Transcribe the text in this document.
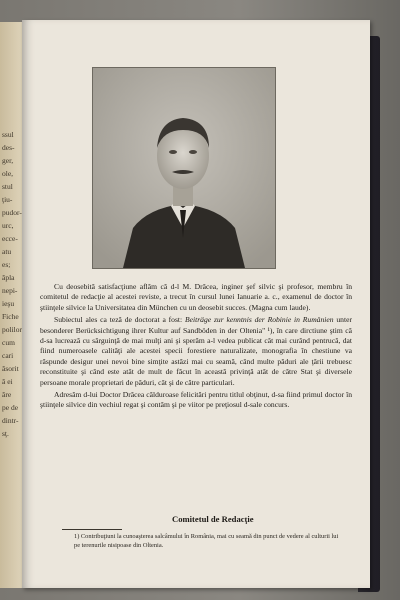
ssul
des-
ger,
ole,
stul
ţiu-
pudor-
urc,
ecce-
atu
es;
ăpla
nepi-
ieşu
Fiche
polilor
cum
cari
ăsorit
ă ei
ăre
pe de
dintr-
sţ.

Cu deosebită satisfacţiune aflăm că d-l M. Drăcea, inginer şef silvic şi profesor, membru în comitetul de redacţie al acestei reviste, a trecut în cursul lunei Ianuarie a. c., examenul de doctor în ştiinţele silvice la Universitatea din München cu un deosebit succes. (Magna cum laude).

Subiectul ales ca teză de doctorat a fost: Beiträge zur kenntnis der Robinie in Rumänien unter besonderer Berücksichtigung ihrer Kultur auf Sandböden in der Oltenia" ¹), în care dirctiune ştim că d-sa lucrează cu sârguinţă de mai mulţi ani şi sperăm a-l vedea publicat cât mai curând pentrucă, dat fiind numeroasele calităţi ale acestei specii forestiere naturalizate, monografia în chestiune va răspunde desigur unei nevoi bine simţite astăzi mai cu seamă, când multe păduri ale ţării trebuesc reconstituite şi când este atât de mult de făcut în această privinţă atât de către Stat şi diversele persoane morale proprietari de păduri, cât şi de către particulari.

Adresăm d-lui Doctor Drăcea călduroase felicitări pentru titlul obţinut, d-sa fiind primul doctor în ştiinţele silvice din vechiul regat şi contăm şi pe viitor pe preţiosul d-sale concurs.

Comitetul de Redacţie
1) Contribuţiuni la cunoaşterea salcâmului în România, mai cu seamă din punct de vedere al culturii lui pe terenurile nisipoase din Oltenia.
